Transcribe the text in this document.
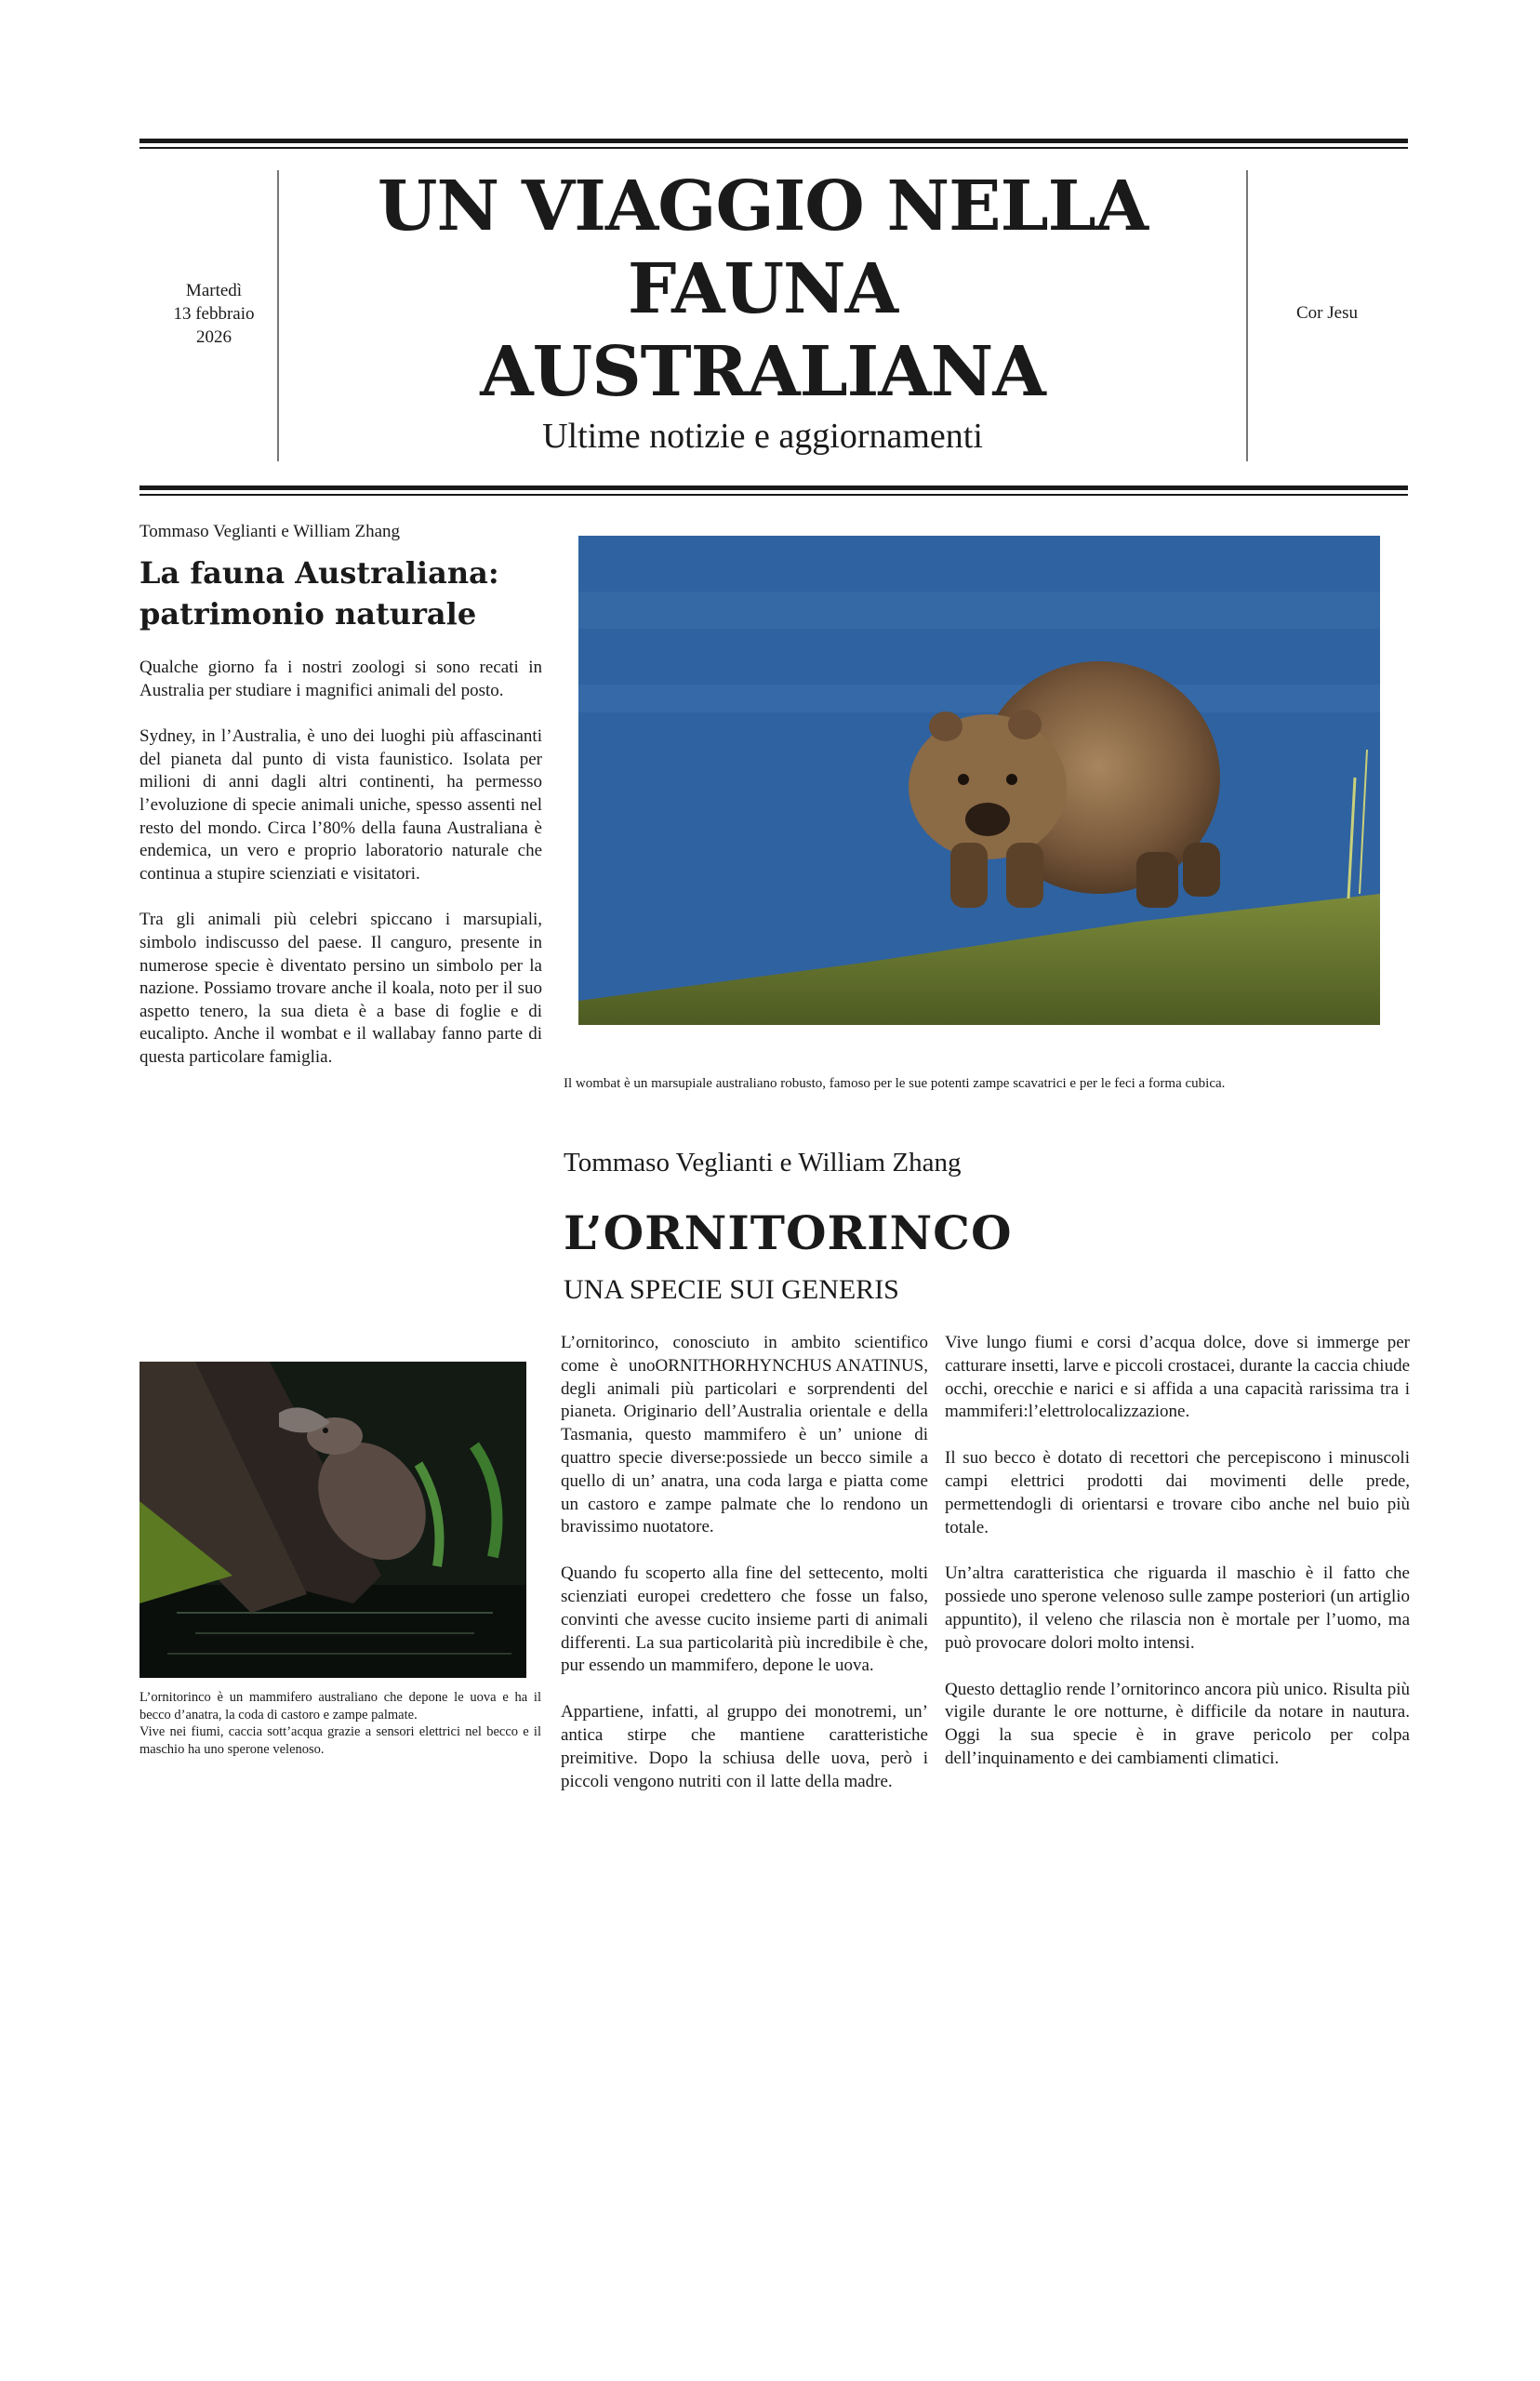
Martedì
13 febbraio
2026
UN VIAGGIO NELLA
FAUNA
AUSTRALIANA
Ultime notizie e aggiornamenti
Cor Jesu
Tommaso Veglianti e William Zhang
La fauna Australiana:
patrimonio naturale

Qualche giorno fa i nostri zoologi si sono recati in Australia per studiare i magnifici animali del posto.

Sydney, in l’Australia, è uno dei luoghi più affascinanti del pianeta dal punto di vista faunistico. Isolata per milioni di anni dagli altri continenti, ha permesso l’evoluzione di specie animali uniche, spesso assenti nel resto del mondo. Circa l’80% della fauna Australiana è endemica, un vero e proprio laboratorio naturale che continua a stupire scienziati e visitatori.

Tra gli animali più celebri spiccano i marsupiali, simbolo indiscusso del paese. Il canguro, presente in numerose specie è diventato persino un simbolo per la nazione. Possiamo trovare anche il koala, noto per il suo aspetto tenero, la sua dieta è a base di foglie e di eucalipto. Anche il wombat e il wallabay fanno parte di questa particolare famiglia.

Il wombat è un marsupiale australiano robusto, famoso per le sue potenti zampe scavatrici e per le feci a forma cubica.
Tommaso Veglianti e William Zhang
L’ORNITORINCO
UNA SPECIE SUI GENERIS

L’ornitorinco, conosciuto in ambito scientifico come	ORNITHORHYNCHUS ANATINUS,
è uno degli animali più particolari e sorprendenti del pianeta. Originario dell’Australia orientale e della Tasmania, questo mammifero è un’ unione di quattro specie diverse:possiede un becco simile a quello di un’ anatra, una coda larga e piatta come un castoro e zampe palmate che lo rendono un bravissimo nuotatore.

Quando fu scoperto alla fine del settecento, molti scienziati europei credettero che fosse un falso, convinti che avesse cucito insieme parti di animali differenti. La sua particolarità più incredibile è che, pur essendo un mammifero, depone le uova.

Appartiene, infatti, al gruppo dei monotremi, un’ antica stirpe che mantiene caratteristiche preimitive. Dopo la schiusa delle uova, però i piccoli vengono nutriti con il latte della madre.

Vive lungo fiumi e corsi d’acqua dolce, dove si immerge per catturare insetti, larve e piccoli crostacei, durante la caccia chiude occhi, orecchie e narici e si affida a una capacità rarissima tra i mammiferi:l’elettrolocalizzazione.

Il suo becco è dotato di recettori che percepiscono i minuscoli campi elettrici prodotti dai movimenti delle prede, permettendogli di orientarsi e trovare cibo anche nel buio più totale.

Un’altra caratteristica che riguarda il maschio è il fatto che possiede uno sperone velenoso sulle zampe posteriori (un artiglio appuntito), il veleno che rilascia non è mortale per l’uomo, ma può provocare dolori molto intensi.

Questo dettaglio rende l’ornitorinco ancora più unico. Risulta più vigile durante le ore notturne, è difficile da notare in nautura. Oggi la sua specie è in grave pericolo per colpa dell’inquinamento e dei cambiamenti climatici.

L’ornitorinco è un mammifero australiano che depone le uova e ha il becco d’anatra, la coda di castoro e zampe palmate.

Vive nei fiumi, caccia sott’acqua grazie a sensori elettrici nel becco e il maschio ha uno sperone velenoso.
